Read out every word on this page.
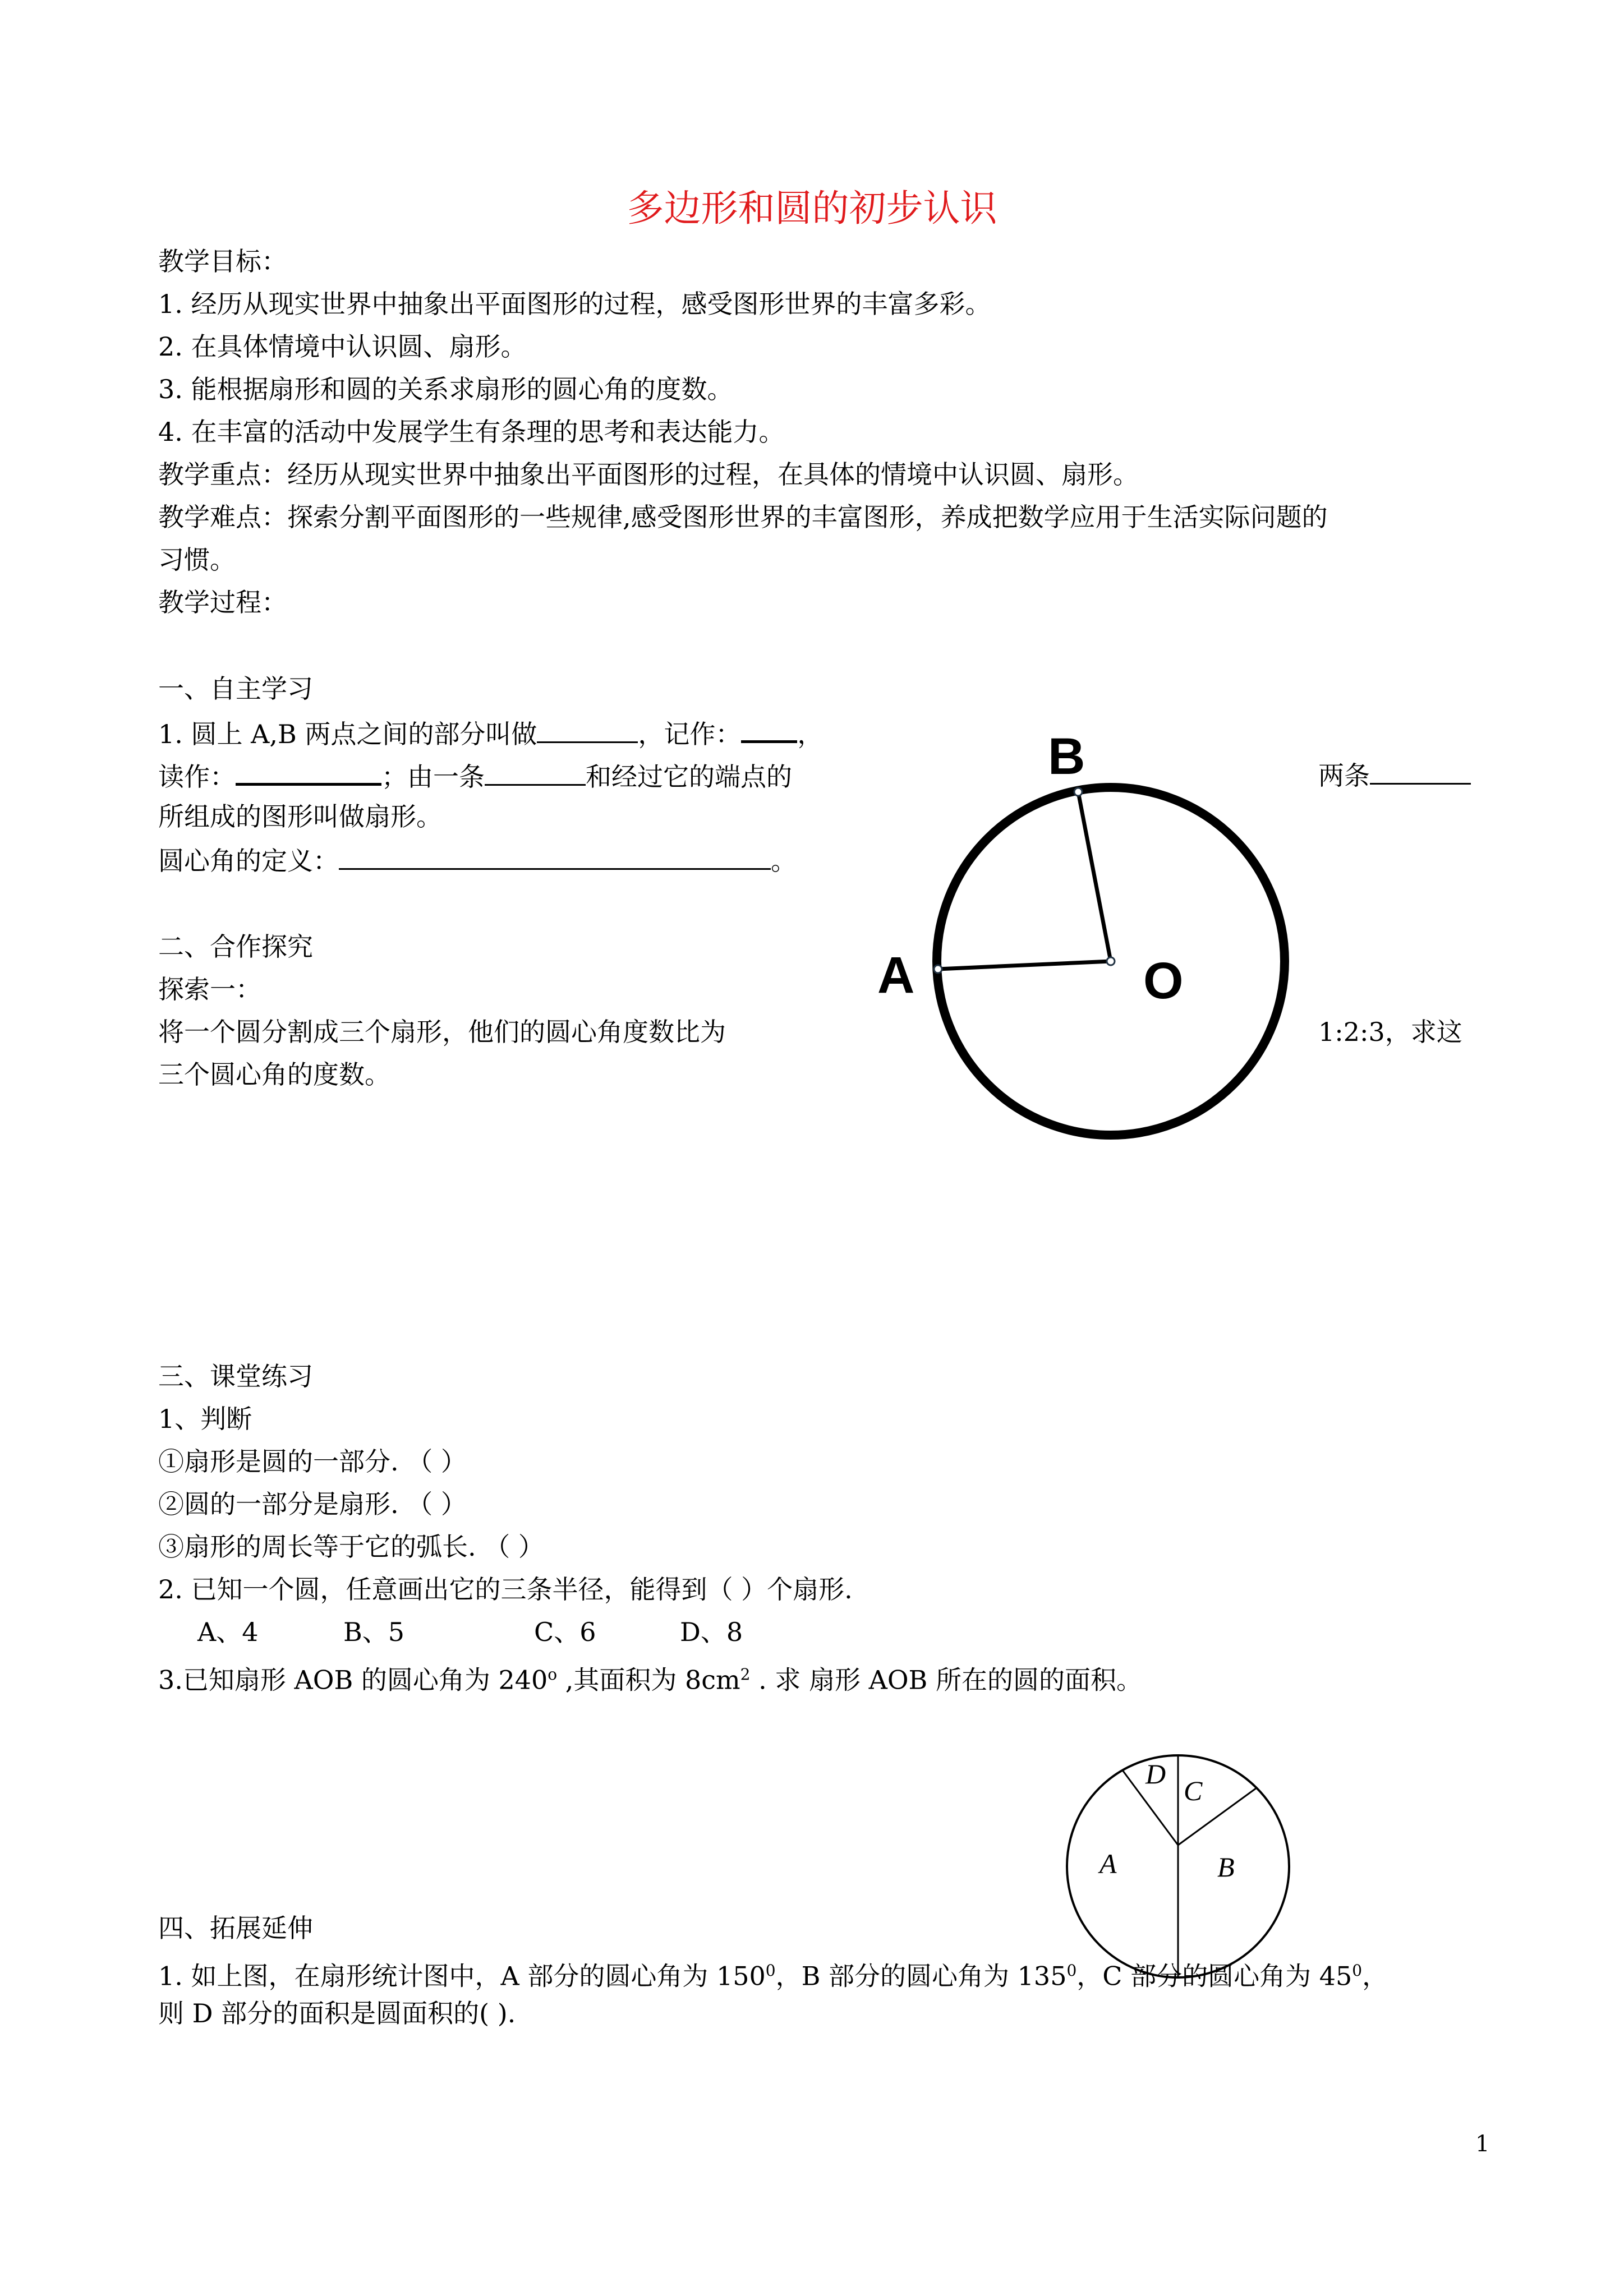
多边形和圆的初步认识
教学目标：
1. 经历从现实世界中抽象出平面图形的过程，感受图形世界的丰富多彩。
2. 在具体情境中认识圆、扇形。
3. 能根据扇形和圆的关系求扇形的圆心角的度数。
4. 在丰富的活动中发展学生有条理的思考和表达能力。
教学重点：经历从现实世界中抽象出平面图形的过程，在具体的情境中认识圆、扇形。
教学难点：探索分割平面图形的一些规律,感受图形世界的丰富图形，养成把数学应用于生活实际问题的
习惯。
教学过程：
一、自主学习
1. 圆上 A,B 两点之间的部分叫做	，记作： ，
读作：	；由一条	和经过它的端点的	两条
所组成的图形叫做扇形。
圆心角的定义：	。
二、合作探究
探索一：
将一个圆分割成三个扇形，他们的圆心角度数比为	1:2:3，求这
三个圆心角的度数。
B
A	O
三、课堂练习
1、判断
①扇形是圆的一部分. （ ）
②圆的一部分是扇形. （ ）
③扇形的周长等于它的弧长. （ ）
2. 已知一个圆，任意画出它的三条半径，能得到（ ）个扇形.
A、4	B、5	C、6	D、8
3.已知扇形 AOB 的圆心角为 240$^o$ ,其面积为 $8cm^2$ . 求 扇形 AOB 所在的圆的面积。
D
C
A	B
四、拓展延伸
1. 如上图，在扇形统计图中，A 部分的圆心角为 $150^0$，B 部分的圆心角为 $135^0$，C 部分的圆心角为 $45^0$，
则 D 部分的面积是圆面积的( ).
1
